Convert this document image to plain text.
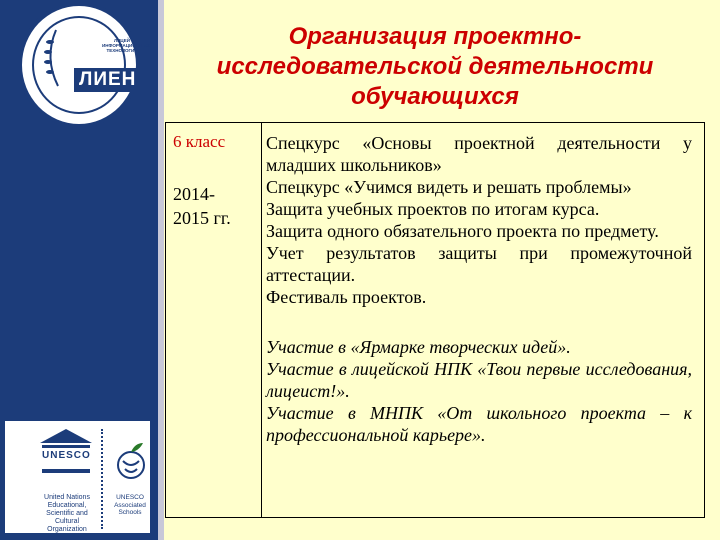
ЛИЦЕЙ ИНФОРМАЦИОННЫХ ТЕХНОЛОГИЙ
ЛИЕН
UNESCO
United Nations Educational, Scientific and Cultural Organization
UNESCO Associated Schools
Организация проектно-
исследовательской деятельности
обучающихся
6 класс
2014-
2015 гг.

Спецкурс «Основы проектной деятельности у младших школьников»

Спецкурс «Учимся видеть и решать проблемы»

Защита учебных проектов по итогам курса.

Защита одного обязательного проекта по предмету.

Учет результатов защиты при промежуточной аттестации.

Фестиваль проектов.

Участие в «Ярмарке творческих идей».

Участие в лицейской НПК «Твои первые исследования, лицеист!».

Участие в МНПК «От школьного проекта – к профессиональной карьере».
